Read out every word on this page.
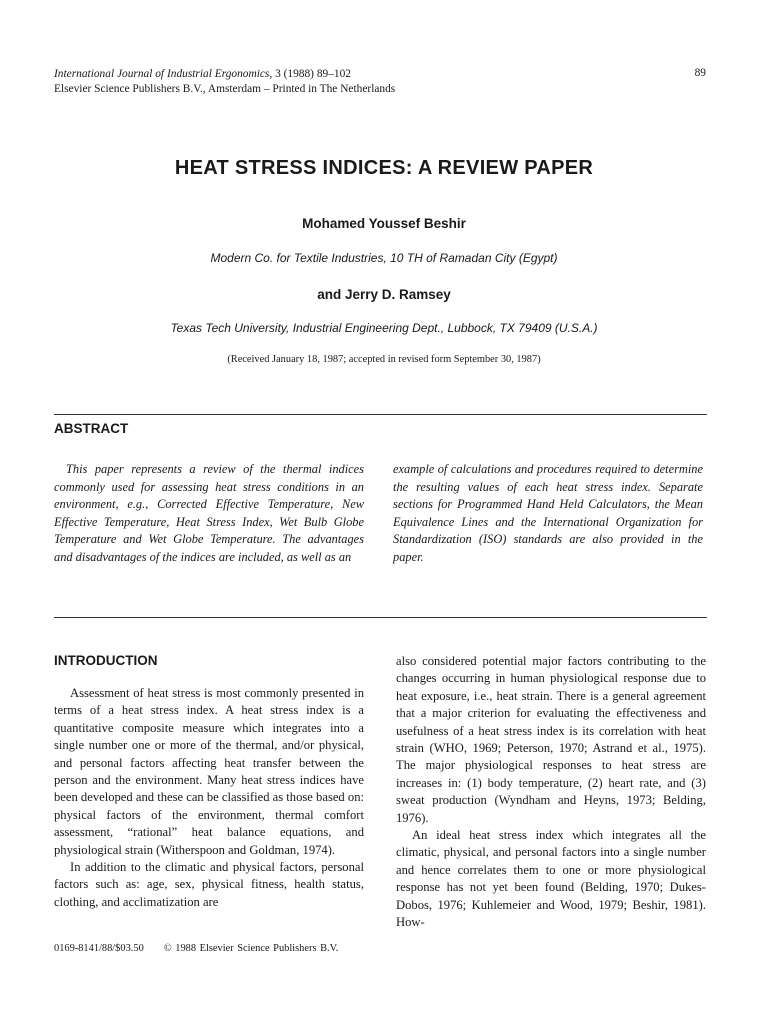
International Journal of Industrial Ergonomics, 3 (1988) 89–102
Elsevier Science Publishers B.V., Amsterdam – Printed in The Netherlands
89
HEAT STRESS INDICES: A REVIEW PAPER
Mohamed Youssef Beshir
Modern Co. for Textile Industries, 10 TH of Ramadan City (Egypt)
and Jerry D. Ramsey
Texas Tech University, Industrial Engineering Dept., Lubbock, TX 79409 (U.S.A.)
(Received January 18, 1987; accepted in revised form September 30, 1987)
ABSTRACT
This paper represents a review of the thermal indices commonly used for assessing heat stress conditions in an environment, e.g., Corrected Effective Temperature, New Effective Temperature, Heat Stress Index, Wet Bulb Globe Temperature and Wet Globe Temperature. The advantages and disadvantages of the indices are included, as well as an
example of calculations and procedures required to determine the resulting values of each heat stress index. Separate sections for Programmed Hand Held Calculators, the Mean Equivalence Lines and the International Organization for Standardization (ISO) standards are also provided in the paper.
INTRODUCTION

Assessment of heat stress is most commonly presented in terms of a heat stress index. A heat stress index is a quantitative composite measure which integrates into a single number one or more of the thermal, and/or physical, and personal factors affecting heat transfer between the person and the environment. Many heat stress indices have been developed and these can be classified as those based on: physical factors of the environment, thermal comfort assessment, “rational” heat balance equations, and physiological strain (Witherspoon and Goldman, 1974).

In addition to the climatic and physical factors, personal factors such as: age, sex, physical fitness, health status, clothing, and acclimatization are

also considered potential major factors contributing to the changes occurring in human physiological response due to heat exposure, i.e., heat strain. There is a general agreement that a major criterion for evaluating the effectiveness and usefulness of a heat stress index is its correlation with heat strain (WHO, 1969; Peterson, 1970; Astrand et al., 1975). The major physiological responses to heat stress are increases in: (1) body temperature, (2) heart rate, and (3) sweat production (Wyndham and Heyns, 1973; Belding, 1976).

An ideal heat stress index which integrates all the climatic, physical, and personal factors into a single number and hence correlates them to one or more physiological response has not yet been found (Belding, 1970; Dukes-Dobos, 1976; Kuhlemeier and Wood, 1979; Beshir, 1981). How-

0169-8141/88/$03.50 © 1988 Elsevier Science Publishers B.V.
